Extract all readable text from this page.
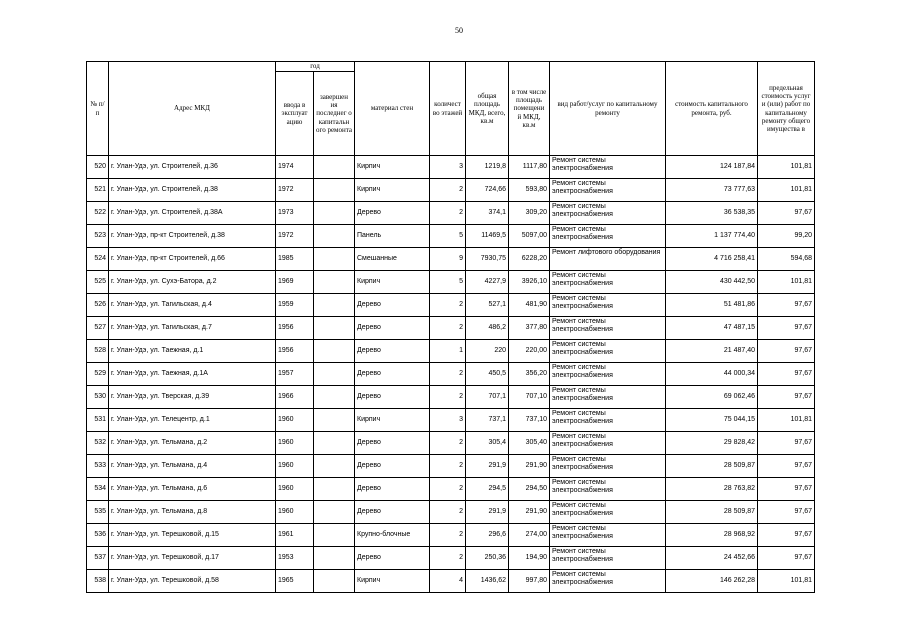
50
№ п/п	Адрес МКД	год		материал стен	количест во этажей	общая площадь МКД, всего, кв.м	в том числе площадь помещени й МКД, кв.м	вид работ/услуг по капитальному ремонту	стоимость капитального ремонта, руб.	предельная стоимость услуг и (или) работ по капитальному ремонту общего имущества в
		ввода в эксплуат ацию	завершен ия последнег о капитальн ого ремонта							
520	г. Улан-Удэ, ул. Строителей, д.36	1974		Кирпич	3	1219,8	1117,80	Ремонт системы электроснабжения	124 187,84	101,81
521	г. Улан-Удэ, ул. Строителей, д.38	1972		Кирпич	2	724,66	593,80	Ремонт системы электроснабжения	73 777,63	101,81
522	г. Улан-Удэ, ул. Строителей, д.38А	1973		Дерево	2	374,1	309,20	Ремонт системы электроснабжения	36 538,35	97,67
523	г. Улан-Удэ, пр-кт Строителей, д.38	1972		Панель	5	11469,5	5097,00	Ремонт системы электроснабжения	1 137 774,40	99,20
524	г. Улан-Удэ, пр-кт Строителей, д.66	1985		Смешанные	9	7930,75	6228,20	Ремонт лифтового оборудования	4 716 258,41	594,68
525	г. Улан-Удэ, ул. Сухэ-Батора, д.2	1969		Кирпич	5	4227,9	3926,10	Ремонт системы электроснабжения	430 442,50	101,81
526	г. Улан-Удэ, ул. Тагильская, д.4	1959		Дерево	2	527,1	481,90	Ремонт системы электроснабжения	51 481,86	97,67
527	г. Улан-Удэ, ул. Тагильская, д.7	1956		Дерево	2	486,2	377,80	Ремонт системы электроснабжения	47 487,15	97,67
528	г. Улан-Удэ, ул. Таежная, д.1	1956		Дерево	1	220	220,00	Ремонт системы электроснабжения	21 487,40	97,67
529	г. Улан-Удэ, ул. Таежная, д.1А	1957		Дерево	2	450,5	356,20	Ремонт системы электроснабжения	44 000,34	97,67
530	г. Улан-Удэ, ул. Тверская, д.39	1966		Дерево	2	707,1	707,10	Ремонт системы электроснабжения	69 062,46	97,67
531	г. Улан-Удэ, ул. Телецентр, д.1	1960		Кирпич	3	737,1	737,10	Ремонт системы электроснабжения	75 044,15	101,81
532	г. Улан-Удэ, ул. Тельмана, д.2	1960		Дерево	2	305,4	305,40	Ремонт системы электроснабжения	29 828,42	97,67
533	г. Улан-Удэ, ул. Тельмана, д.4	1960		Дерево	2	291,9	291,90	Ремонт системы электроснабжения	28 509,87	97,67
534	г. Улан-Удэ, ул. Тельмана, д.6	1960		Дерево	2	294,5	294,50	Ремонт системы электроснабжения	28 763,82	97,67
535	г. Улан-Удэ, ул. Тельмана, д.8	1960		Дерево	2	291,9	291,90	Ремонт системы электроснабжения	28 509,87	97,67
536	г. Улан-Удэ, ул. Терешковой, д.15	1961		Крупно-блочные	2	296,6	274,00	Ремонт системы электроснабжения	28 968,92	97,67
537	г. Улан-Удэ, ул. Терешковой, д.17	1953		Дерево	2	250,36	194,90	Ремонт системы электроснабжения	24 452,66	97,67
538	г. Улан-Удэ, ул. Терешковой, д.58	1965		Кирпич	4	1436,62	997,80	Ремонт системы электроснабжения	146 262,28	101,81
